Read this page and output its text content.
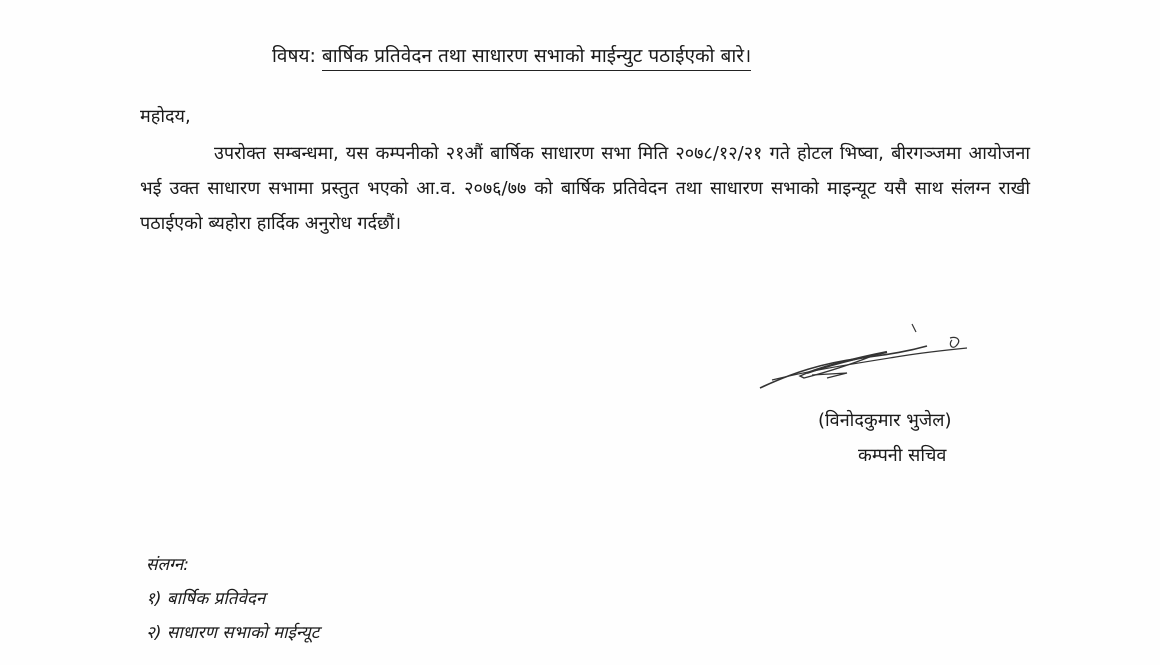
विषय: बार्षिक प्रतिवेदन तथा साधारण सभाको माईन्युट पठाईएको बारे।
महोदय,
उपरोक्त सम्बन्धमा, यस कम्पनीको २१औं बार्षिक साधारण सभा मिति २०७८/१२/२१ गते होटल भिष्वा, बीरगञ्जमा आयोजना भई उक्त साधारण सभामा प्रस्तुत भएको आ.व. २०७६/७७ को बार्षिक प्रतिवेदन तथा साधारण सभाको माइन्यूट यसै साथ संलग्न राखी पठाईएको ब्यहोरा हार्दिक अनुरोध गर्दछौं।
(विनोदकुमार भुजेल)
कम्पनी सचिव
संलग्न:
१) बार्षिक प्रतिवेदन
२) साधारण सभाको माईन्यूट
